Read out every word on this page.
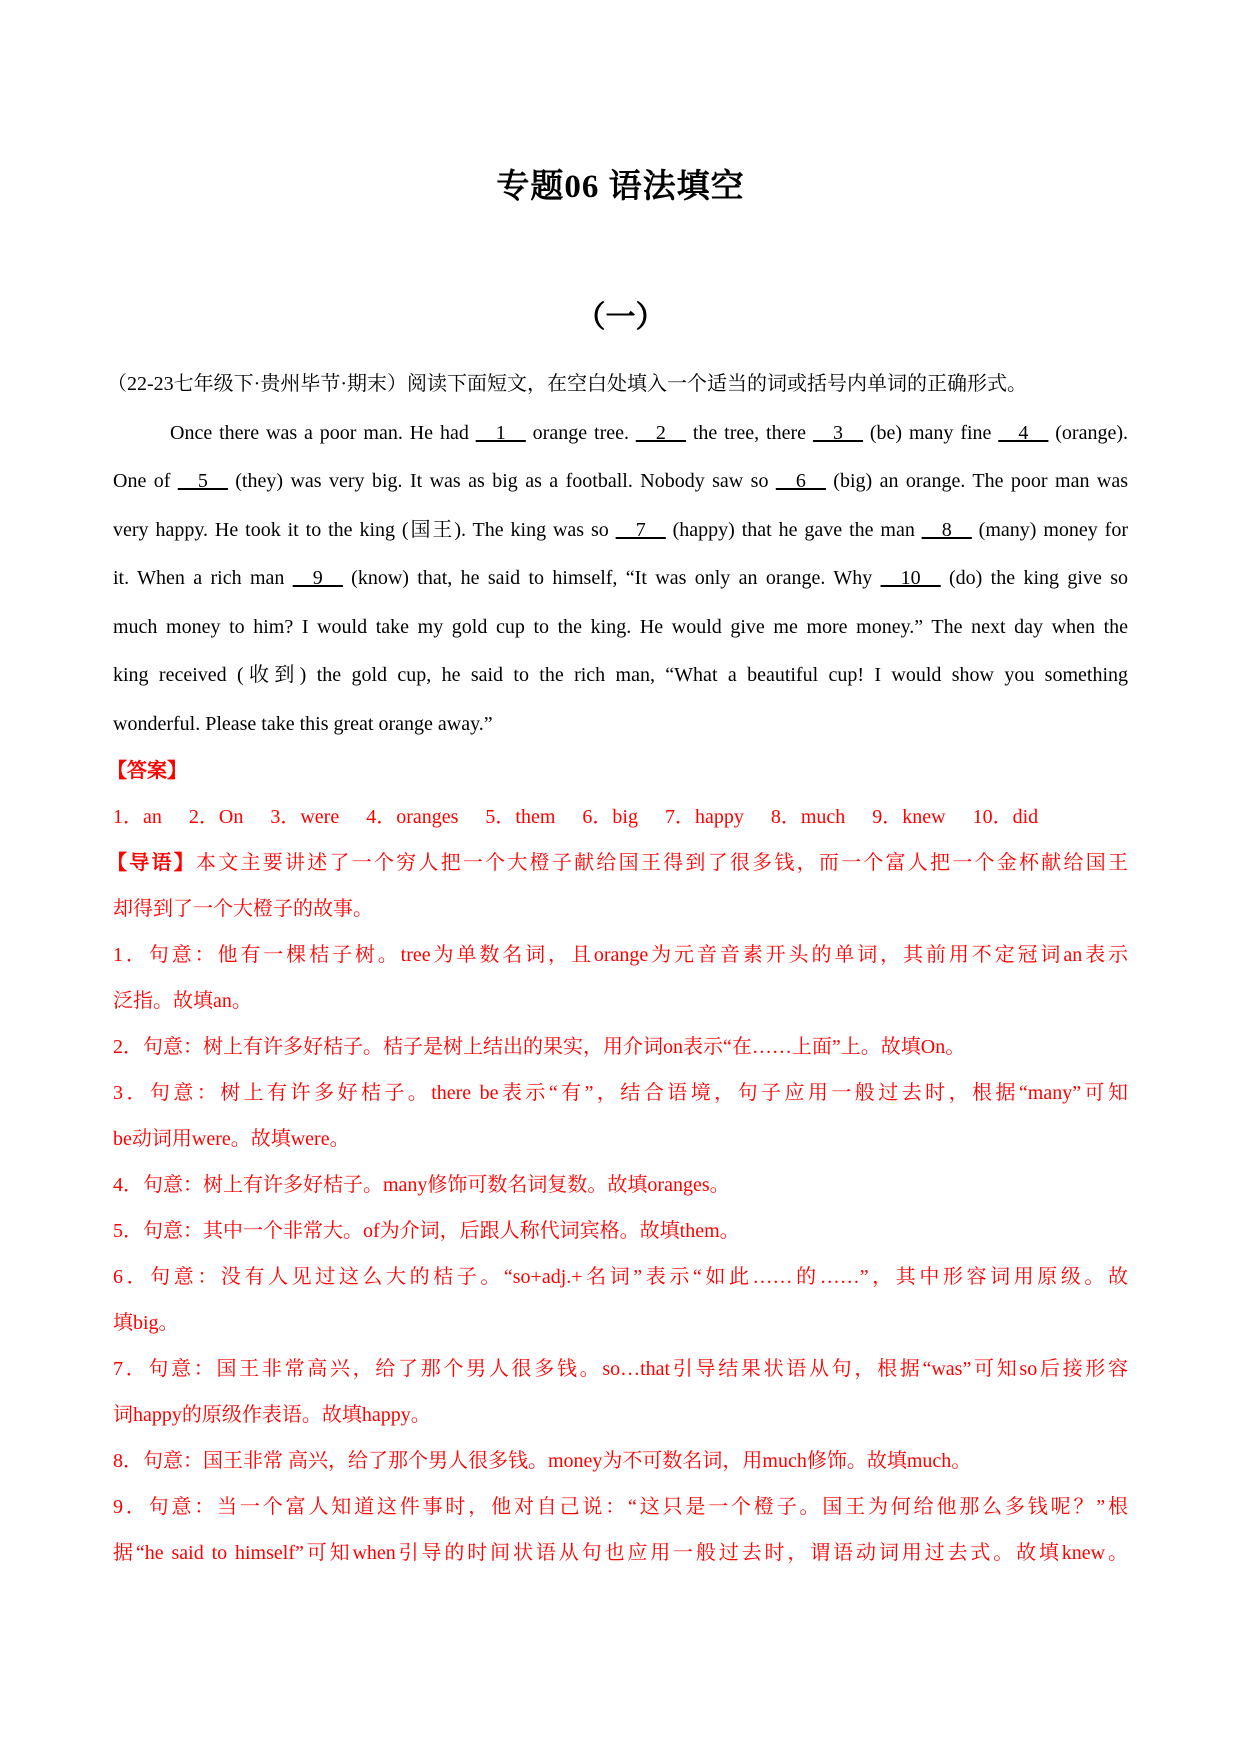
专题06 语法填空
（一）
（22-23七年级下·贵州毕节·期末）阅读下面短文，在空白处填入一个适当的词或括号内单词的正确形式。
Once there was a poor man. He had __1__ orange tree. __2__ the tree, there __3__ (be) many fine __4__ (orange).
One of __5__ (they) was very big. It was as big as a football. Nobody saw so __6__ (big) an orange. The poor man was
very happy. He took it to the king (国王). The king was so __7__ (happy) that he gave the man __8__ (many) money for
it. When a rich man __9__ (know) that, he said to himself, “It was only an orange. Why __10__ (do) the king give so
much money to him? I would take my gold cup to the king. He would give me more money.” The next day when the
king received (收到) the gold cup, he said to the rich man, “What a beautiful cup! I would show you something
wonderful. Please take this great orange away.”
【答案】
1．an 2．On 3．were 4．oranges 5．them 6．big 7．happy 8．much 9．knew 10．did
【导语】本文主要讲述了一个穷人把一个大橙子献给国王得到了很多钱，而一个富人把一个金杯献给国王
却得到了一个大橙子的故事。
1．句意：他有一棵桔子树。tree为单数名词，且orange为元音音素开头的单词，其前用不定冠词an表示
泛指。故填an。
2．句意：树上有许多好桔子。桔子是树上结出的果实，用介词on表示“在……上面”上。故填On。
3．句意：树上有许多好桔子。there be表示“有”，结合语境，句子应用一般过去时，根据“many”可知
be动词用were。故填were。
4．句意：树上有许多好桔子。many修饰可数名词复数。故填oranges。
5．句意：其中一个非常大。of为介词，后跟人称代词宾格。故填them。
6．句意：没有人见过这么大的桔子。“so+adj.+名词”表示“如此……的……”，其中形容词用原级。故
填big。
7．句意：国王非常高兴，给了那个男人很多钱。so…that引导结果状语从句，根据“was”可知so后接形容
词happy的原级作表语。故填happy。
8．句意：国王非常 高兴，给了那个男人很多钱。money为不可数名词，用much修饰。故填much。
9．句意：当一个富人知道这件事时，他对自己说：“这只是一个橙子。国王为何给他那么多钱呢？”根
据“he said to himself”可知when引导的时间状语从句也应用一般过去时，谓语动词用过去式。故填knew。
